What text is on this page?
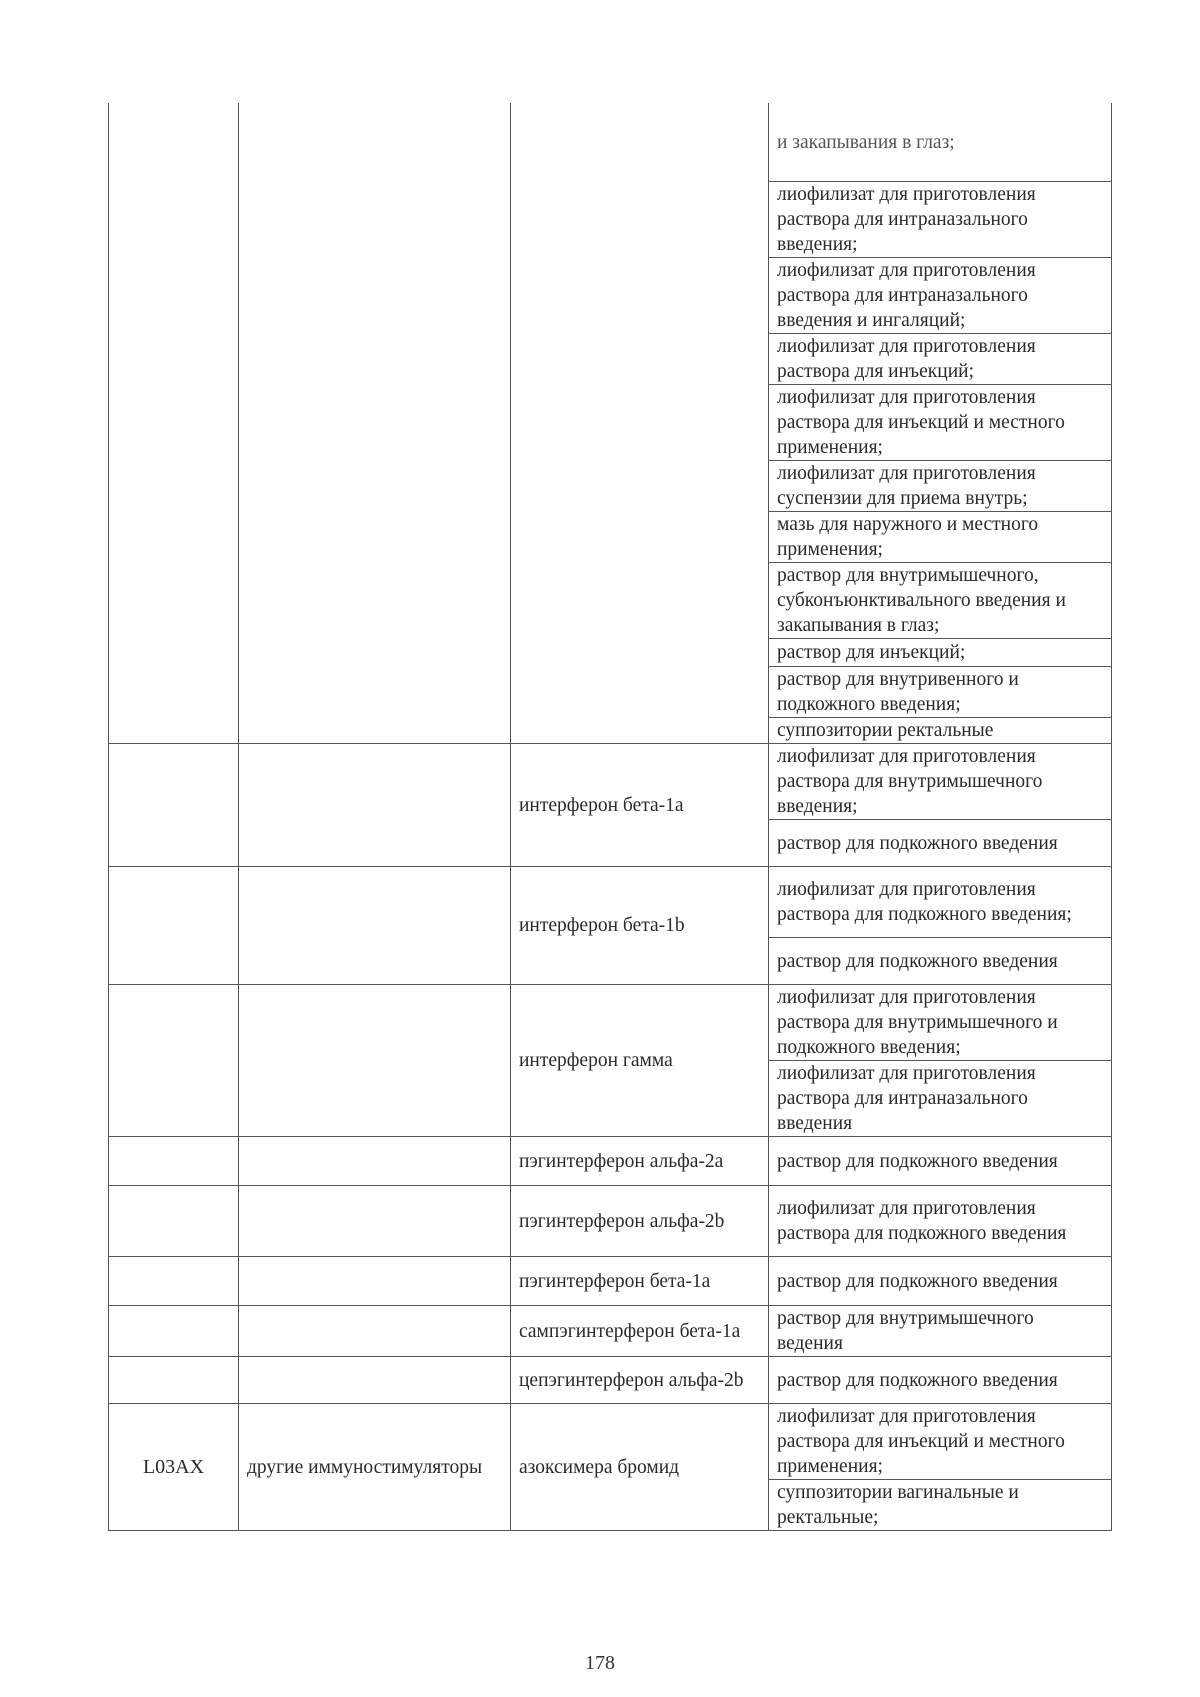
			и закапывания в глаз;
			лиофилизат для приготовления раствора для интраназального введения;
			лиофилизат для приготовления раствора для интраназального введения и ингаляций;
			лиофилизат для приготовления раствора для инъекций;
			лиофилизат для приготовления раствора для инъекций и местного применения;
			лиофилизат для приготовления суспензии для приема внутрь;
			мазь для наружного и местного применения;
			раствор для внутримышечного, субконъюнктивального введения и закапывания в глаз;
			раствор для инъекций;
			раствор для внутривенного и подкожного введения;
			суппозитории ректальные
		интерферон бета-1a	лиофилизат для приготовления раствора для внутримышечного введения;
			раствор для подкожного введения
		интерферон бета-1b	лиофилизат для приготовления раствора для подкожного введения;
			раствор для подкожного введения
		интерферон гамма	лиофилизат для приготовления раствора для внутримышечного и подкожного введения;
			лиофилизат для приготовления раствора для интраназального введения
		пэгинтерферон альфа-2a	раствор для подкожного введения
		пэгинтерферон альфа-2b	лиофилизат для приготовления раствора для подкожного введения
		пэгинтерферон бета-1a	раствор для подкожного введения
		сампэгинтерферон бета-1a	раствор для внутримышечного ведения
		цепэгинтерферон альфа-2b	раствор для подкожного введения
L03AX	другие иммуностимуляторы	азоксимера бромид	лиофилизат для приготовления раствора для инъекций и местного применения;
			суппозитории вагинальные и ректальные;
178
